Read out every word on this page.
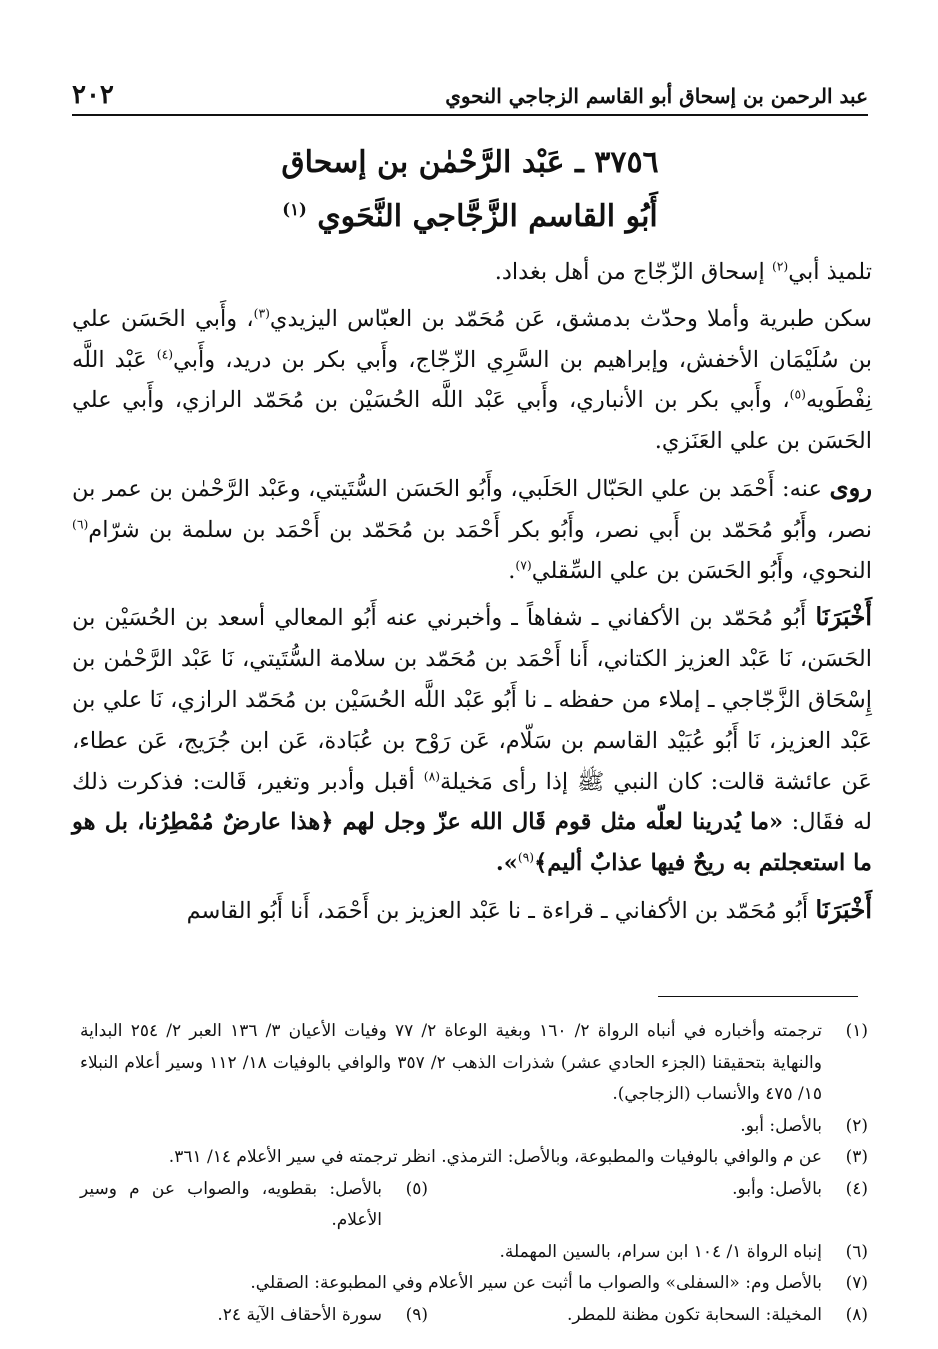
عبد الرحمن بن إسحاق أبو القاسم الزجاجي النحوي
٢٠٢
٣٧٥٦ ـ عَبْد الرَّحْمٰن بن إسحاق
أَبُو القاسم الزَّجَّاجي النَّحَوي $^{(١)}$

تلميذ أبي$^{(٢)}$ إسحاق الزّجّاج من أهل بغداد.

سكن طبرية وأملا وحدّث بدمشق، عَن مُحَمّد بن العبّاس اليزيدي$^{(٣)}$، وأَبي الحَسَن علي بن سُلَيْمَان الأخفش، وإبراهيم بن السَّرِي الزّجّاج، وأَبي بكر بن دريد، وأَبي$^{(٤)}$ عَبْد اللَّه نِفْطَويه$^{(٥)}$، وأَبي بكر بن الأنباري، وأَبي عَبْد اللَّه الحُسَيْن بن مُحَمّد الرازي، وأَبي علي الحَسَن بن علي العَنَزي.

روى عنه: أَحْمَد بن علي الحَبّال الحَلَبي، وأَبُو الحَسَن السُّتَيتي، وعَبْد الرَّحْمٰن بن عمر بن نصر، وأَبُو مُحَمّد بن أَبي نصر، وأَبُو بكر أَحْمَد بن مُحَمّد بن أَحْمَد بن سلمة بن شرّام$^{(٦)}$ النحوي، وأَبُو الحَسَن بن علي السِّقلي$^{(٧)}$.

أَخْبَرَنَا أَبُو مُحَمّد بن الأكفاني ـ شفاهاً ـ وأخبرني عنه أَبُو المعالي أسعد بن الحُسَيْن بن الحَسَن، نَا عَبْد العزيز الكتاني، أَنا أَحْمَد بن مُحَمّد بن سلامة السُّتَيتي، نَا عَبْد الرَّحْمٰن بن إِسْحَاق الزَّجّاجي ـ إملاء من حفظه ـ نا أَبُو عَبْد اللَّه الحُسَيْن بن مُحَمّد الرازي، نَا علي بن عَبْد العزيز، نَا أَبُو عُبَيْد القاسم بن سَلّام، عَن رَوْح بن عُبَادة، عَن ابن جُرَيج، عَن عطاء، عَن عائشة قالت: كان النبي ﷺ إذا رأى مَخيلة$^{(٨)}$ أقبل وأدبر وتغير، قَالت: فذكرت ذلك له فقَال: «ما يُدرينا لعلّه مثل قوم قَال الله عزّ وجل لهم ﴿هذا عارضٌ مُمْطِرُنا، بل هو ما استعجلتم به ريحٌ فيها عذابٌ أليم﴾$^{(٩)}$».

أَخْبَرَنَا أَبُو مُحَمّد بن الأكفاني ـ قراءة ـ نا عَبْد العزيز بن أَحْمَد، أَنا أَبُو القاسم

(١)
ترجمته وأخباره في أنباه الرواة ٢/ ١٦٠ وبغية الوعاة ٢/ ٧٧ وفيات الأعيان ٣/ ١٣٦ العبر ٢/ ٢٥٤ البداية والنهاية بتحقيقنا (الجزء الحادي عشر) شذرات الذهب ٢/ ٣٥٧ والوافي بالوفيات ١٨/ ١١٢ وسير أعلام النبلاء ١٥/ ٤٧٥ والأنساب (الزجاجي).
(٢)
بالأصل: أبو.
(٣)
عن م والوافي بالوفيات والمطبوعة، وبالأصل: الترمذي. انظر ترجمته في سير الأعلام ١٤/ ٣٦١.
(٤)
بالأصل: وأبو.
(٥)
بالأصل: بقطويه، والصواب عن م وسير الأعلام.
(٦)
إنباه الرواة ١/ ١٠٤ ابن سرام، بالسين المهملة.
(٧)
بالأصل وم: «السفلى» والصواب ما أثبت عن سير الأعلام وفي المطبوعة: الصقلي.
(٨)
المخيلة: السحابة تكون مظنة للمطر.
(٩)
سورة الأحقاف الآية ٢٤.
